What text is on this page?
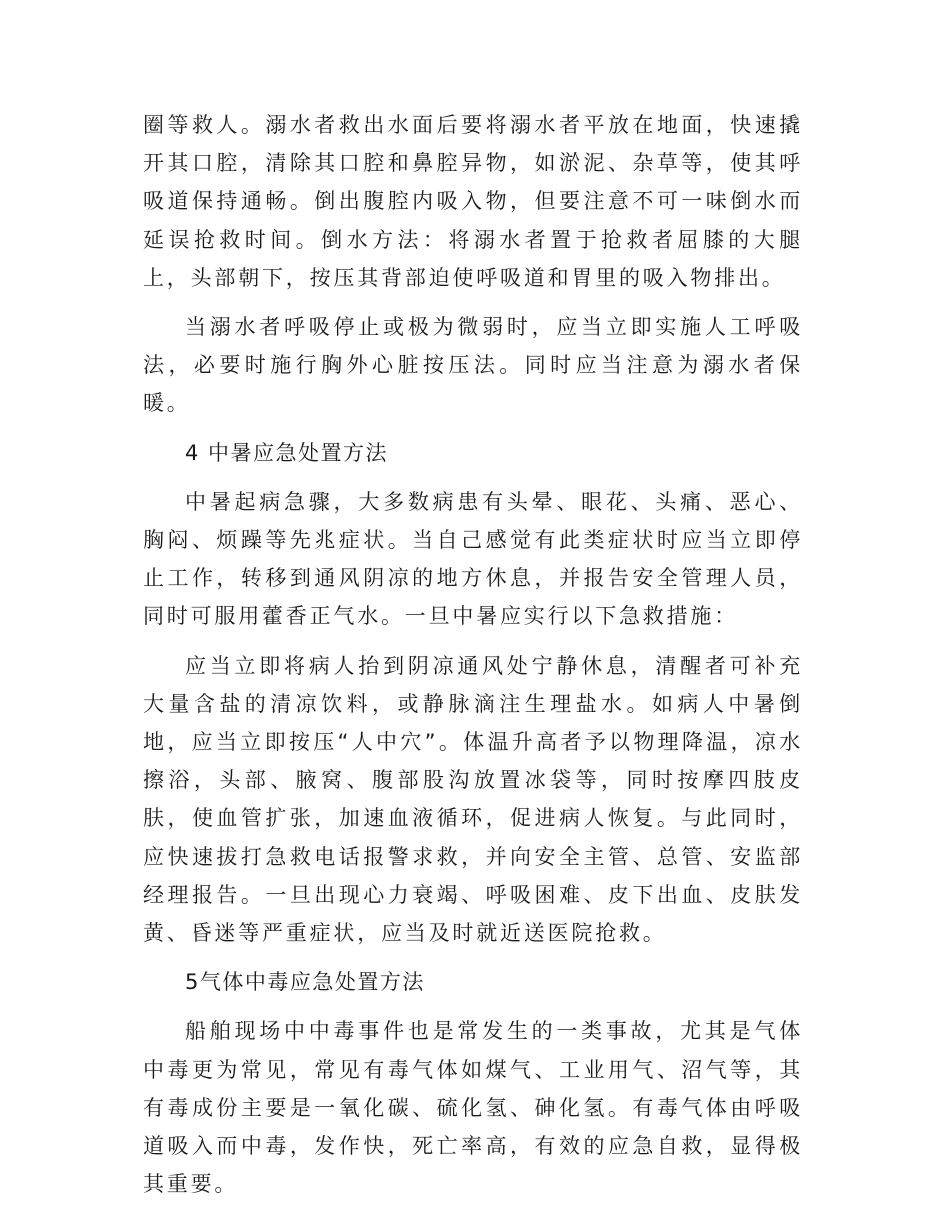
圈等救人。溺水者救出水面后要将溺水者平放在地面，快速撬开其口腔，清除其口腔和鼻腔异物，如淤泥、杂草等，使其呼吸道保持通畅。倒出腹腔内吸入物，但要注意不可一味倒水而延误抢救时间。倒水方法：将溺水者置于抢救者屈膝的大腿上，头部朝下，按压其背部迫使呼吸道和胃里的吸入物排出。

当溺水者呼吸停止或极为微弱时，应当立即实施人工呼吸法，必要时施行胸外心脏按压法。同时应当注意为溺水者保暖。

4 中暑应急处置方法

中暑起病急骤，大多数病患有头晕、眼花、头痛、恶心、胸闷、烦躁等先兆症状。当自己感觉有此类症状时应当立即停止工作，转移到通风阴凉的地方休息，并报告安全管理人员，同时可服用藿香正气水。一旦中暑应实行以下急救措施：

应当立即将病人抬到阴凉通风处宁静休息，清醒者可补充大量含盐的清凉饮料，或静脉滴注生理盐水。如病人中暑倒地，应当立即按压“人中穴”。体温升高者予以物理降温，凉水擦浴，头部、腋窝、腹部股沟放置冰袋等，同时按摩四肢皮肤，使血管扩张，加速血液循环，促进病人恢复。与此同时，应快速拔打急救电话报警求救，并向安全主管、总管、安监部经理报告。一旦出现心力衰竭、呼吸困难、皮下出血、皮肤发黄、昏迷等严重症状，应当及时就近送医院抢救。

5气体中毒应急处置方法

船舶现场中中毒事件也是常发生的一类事故，尤其是气体中毒更为常见，常见有毒气体如煤气、工业用气、沼气等，其有毒成份主要是一氧化碳、硫化氢、砷化氢。有毒气体由呼吸道吸入而中毒，发作快，死亡率高，有效的应急自救，显得极其重要。
